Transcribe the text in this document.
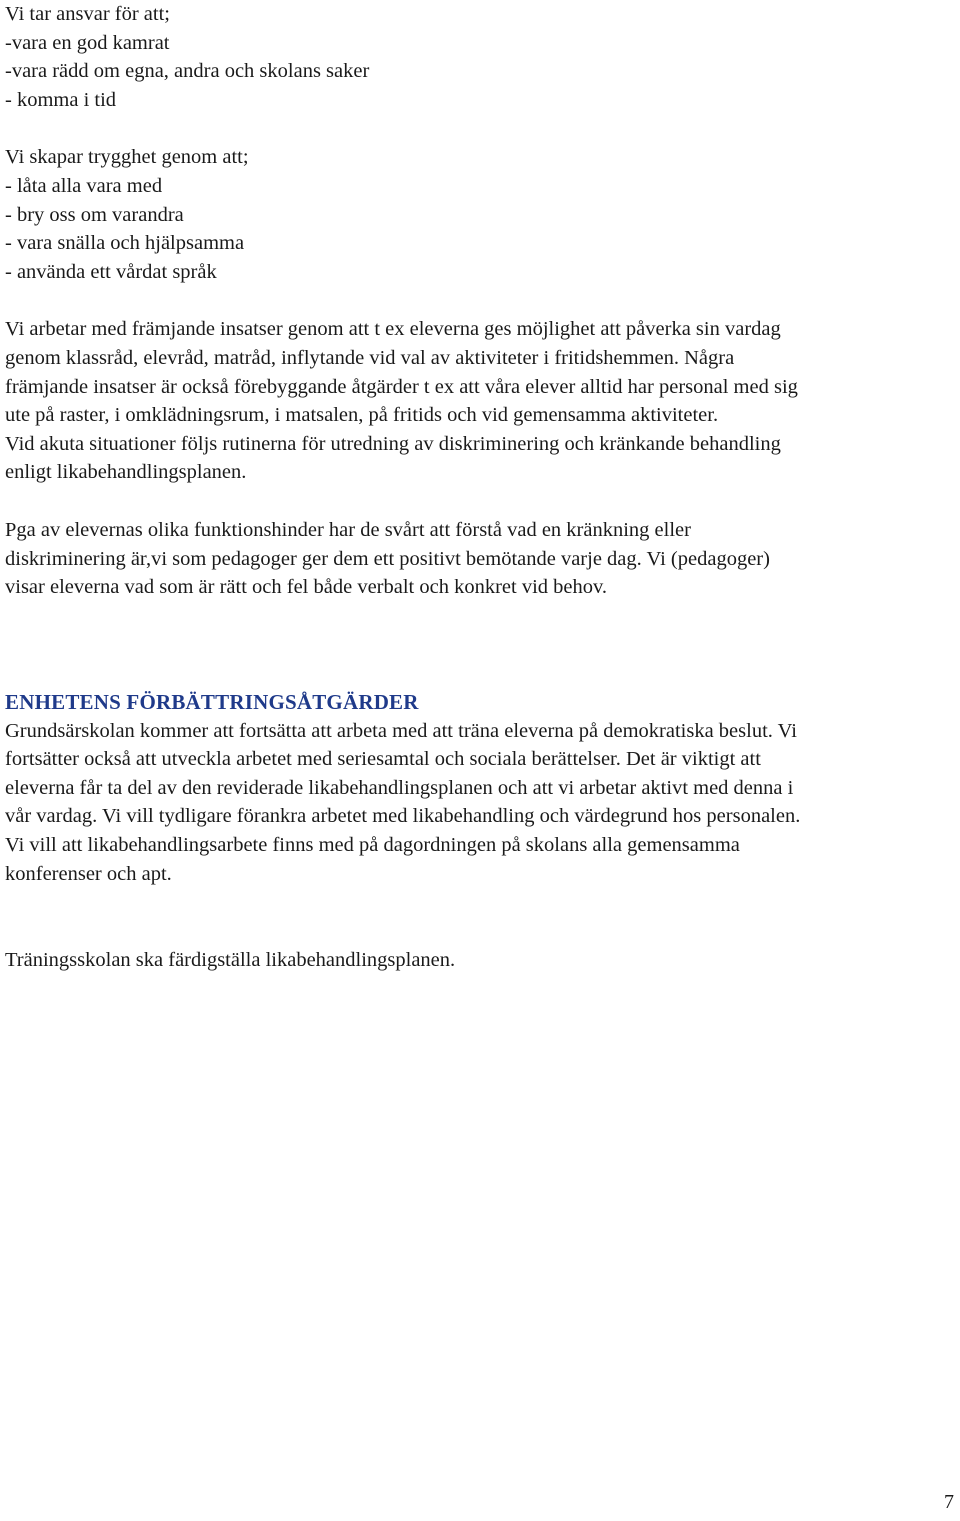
Vi tar ansvar för att;

-vara en god kamrat

-vara rädd om egna, andra och skolans saker

- komma i tid

Vi skapar trygghet genom att;

- låta alla vara med

- bry oss om varandra

- vara snälla och hjälpsamma

- använda ett vårdat språk

Vi arbetar med främjande insatser genom att t ex eleverna ges möjlighet att påverka sin vardag

genom klassråd, elevråd, matråd, inflytande vid val av aktiviteter i fritidshemmen. Några

främjande insatser är också förebyggande åtgärder t ex att våra elever alltid har personal med sig

ute på raster, i omklädningsrum, i matsalen, på fritids och vid gemensamma aktiviteter.

Vid akuta situationer följs rutinerna för utredning av diskriminering och kränkande behandling

enligt likabehandlingsplanen.

Pga av elevernas olika funktionshinder har de svårt att förstå vad en kränkning eller

diskriminering är,vi som pedagoger ger dem ett positivt bemötande varje dag. Vi (pedagoger)

visar eleverna vad som är rätt och fel både verbalt och konkret vid behov.

ENHETENS FÖRBÄTTRINGSÅTGÄRDER

Grundsärskolan kommer att fortsätta att arbeta med att träna eleverna på demokratiska beslut. Vi

fortsätter också att utveckla arbetet med seriesamtal och sociala berättelser. Det är viktigt att

eleverna får ta del av den reviderade likabehandlingsplanen och att vi arbetar aktivt med denna i

vår vardag. Vi vill tydligare förankra arbetet med likabehandling och värdegrund hos personalen.

Vi vill att likabehandlingsarbete finns med på dagordningen på skolans alla gemensamma

konferenser och apt.

Träningsskolan ska färdigställa likabehandlingsplanen.

7
